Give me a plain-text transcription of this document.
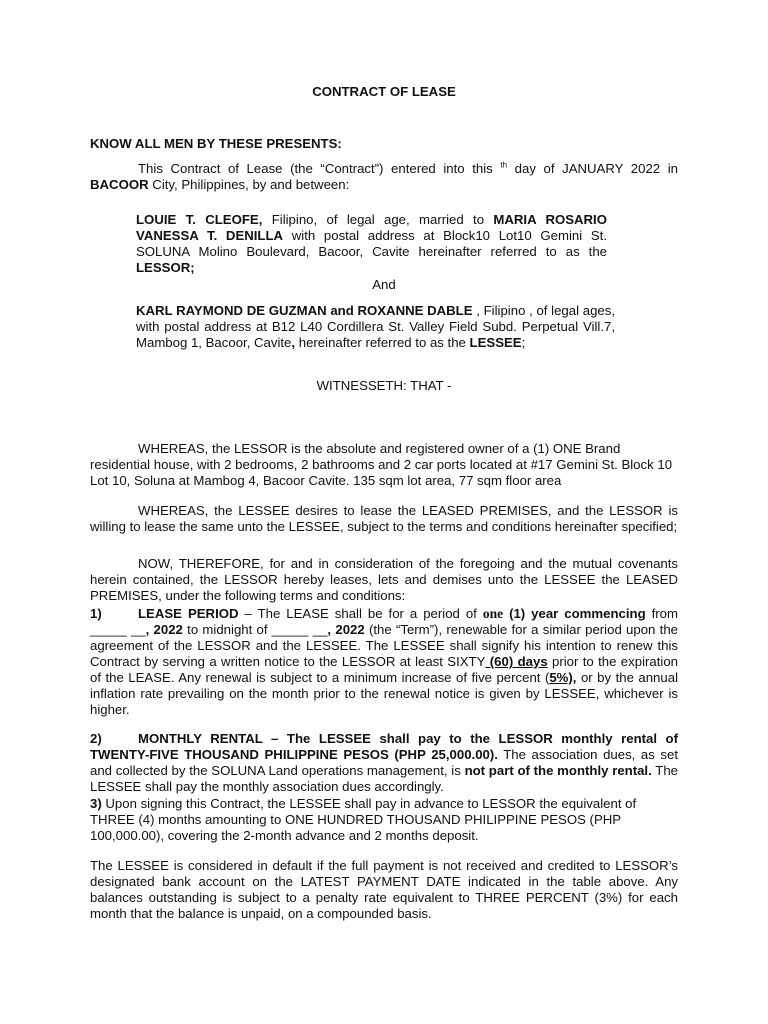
CONTRACT OF LEASE

KNOW ALL MEN BY THESE PRESENTS:

This Contract of Lease (the “Contract”) entered into this $^{th}$ day of JANUARY 2022 in BACOOR City, Philippines, by and between:

LOUIE T. CLEOFE, Filipino, of legal age, married to MARIA ROSARIO VANESSA T. DENILLA with postal address at Block10 Lot10 Gemini St. SOLUNA Molino Boulevard, Bacoor, Cavite hereinafter referred to as the LESSOR;

And

KARL RAYMOND DE GUZMAN and ROXANNE DABLE , Filipino , of legal ages, with postal address at B12 L40 Cordillera St. Valley Field Subd. Perpetual Vill.7, Mambog 1, Bacoor, Cavite, hereinafter referred to as the LESSEE;

WITNESSETH: THAT -

WHEREAS, the LESSOR is the absolute and registered owner of a (1) ONE Brand residential house, with 2 bedrooms, 2 bathrooms and 2 car ports located at #17 Gemini St. Block 10 Lot 10, Soluna at Mambog 4, Bacoor Cavite. 135 sqm lot area, 77 sqm floor area

WHEREAS, the LESSEE desires to lease the LEASED PREMISES, and the LESSOR is willing to lease the same unto the LESSEE, subject to the terms and conditions hereinafter specified;

NOW, THEREFORE, for and in consideration of the foregoing and the mutual covenants herein contained, the LESSOR hereby leases, lets and demises unto the LESSEE the LEASED PREMISES, under the following terms and conditions:

1)	LEASE PERIOD – The LEASE shall be for a period of one (1) year commencing from _____ __, 2022 to midnight of _____ __, 2022 (the “Term”), renewable for a similar period upon the agreement of the LESSOR and the LESSEE. The LESSEE shall signify his intention to renew this Contract by serving a written notice to the LESSOR at least SIXTY (60) days prior to the expiration of the LEASE. Any renewal is subject to a minimum increase of five percent (5%), or by the annual inflation rate prevailing on the month prior to the renewal notice is given by LESSEE, whichever is higher.

2)	MONTHLY RENTAL – The LESSEE shall pay to the LESSOR monthly rental of TWENTY-FIVE THOUSAND PHILIPPINE PESOS (PHP 25,000.00). The association dues, as set and collected by the SOLUNA Land operations management, is not part of the monthly rental. The LESSEE shall pay the monthly association dues accordingly.

3) Upon signing this Contract, the LESSEE shall pay in advance to LESSOR the equivalent of THREE (4) months amounting to ONE HUNDRED THOUSAND PHILIPPINE PESOS (PHP 100,000.00), covering the 2-month advance and 2 months deposit.

The LESSEE is considered in default if the full payment is not received and credited to LESSOR’s designated bank account on the LATEST PAYMENT DATE indicated in the table above. Any balances outstanding is subject to a penalty rate equivalent to THREE PERCENT (3%) for each month that the balance is unpaid, on a compounded basis.
